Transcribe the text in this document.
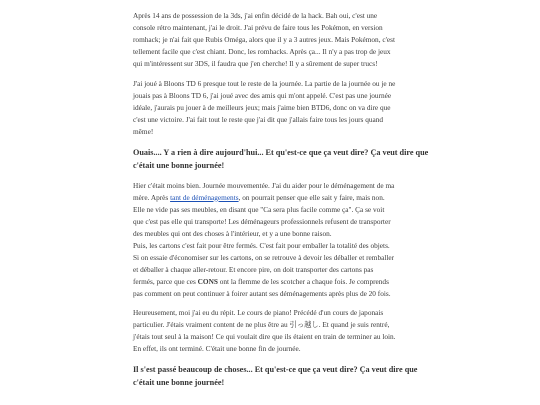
Après 14 ans de possession de la 3ds, j'ai enfin décidé de la hack. Bah oui, c'est une
console rétro maintenant, j'ai le droit. J'ai prévu de faire tous les Pokémon, en version
romhack; je n'ai fait que Rubis Oméga, alors que il y a 3 autres jeux. Mais Pokémon, c'est
tellement facile que c'est chiant. Donc, les romhacks. Après ça... Il n'y a pas trop de jeux
qui m'intéressent sur 3DS, il faudra que j'en cherche! Il y a sûrement de super trucs!

J'ai joué à Bloons TD 6 presque tout le reste de la journée. La partie de la journée ou je ne
jouais pas à Bloons TD 6, j'ai joué avec des amis qui m'ont appelé. C'est pas une journée
idéale, j'aurais pu jouer à de meilleurs jeux; mais j'aime bien BTD6, donc on va dire que
c'est une victoire. J'ai fait tout le reste que j'ai dit que j'allais faire tous les jours quand
même!

Ouais.... Y a rien à dire aujourd'hui... Et qu'est-ce que ça veut dire? Ça veut dire que
c'était une bonne journée!

Hier c'était moins bien. Journée mouvementée. J'ai du aider pour le déménagement de ma
mère. Après tant de déménagements, on pourrait penser que elle sait y faire, mais non.
Elle ne vide pas ses meubles, en disant que "Ca sera plus facile comme ça". Ça se voit
que c'est pas elle qui transporte! Les déménageurs professionnels refusent de transporter
des meubles qui ont des choses à l'intérieur, et y a une bonne raison.
Puis, les cartons c'est fait pour être fermés. C'est fait pour emballer la totalité des objets.
Si on essaie d'économiser sur les cartons, on se retrouve à devoir les déballer et remballer
et déballer à chaque aller-retour. Et encore pire, on doit transporter des cartons pas
fermés, parce que ces CONS ont la flemme de les scotcher a chaque fois. Je comprends
pas comment on peut continuer à foirer autant ses déménagements après plus de 20 fois.

Heureusement, moi j'ai eu du répit. Le cours de piano! Précédé d'un cours de japonais
particulier. J'étais vraiment content de ne plus être au 引っ越し. Et quand je suis rentré,
j'étais tout seul à la maison! Ce qui voulait dire que ils étaient en train de terminer au loin.
En effet, ils ont terminé. C'était une bonne fin de journée.

Il s'est passé beaucoup de choses... Et qu'est-ce que ça veut dire? Ça veut dire que
c'était une bonne journée!
